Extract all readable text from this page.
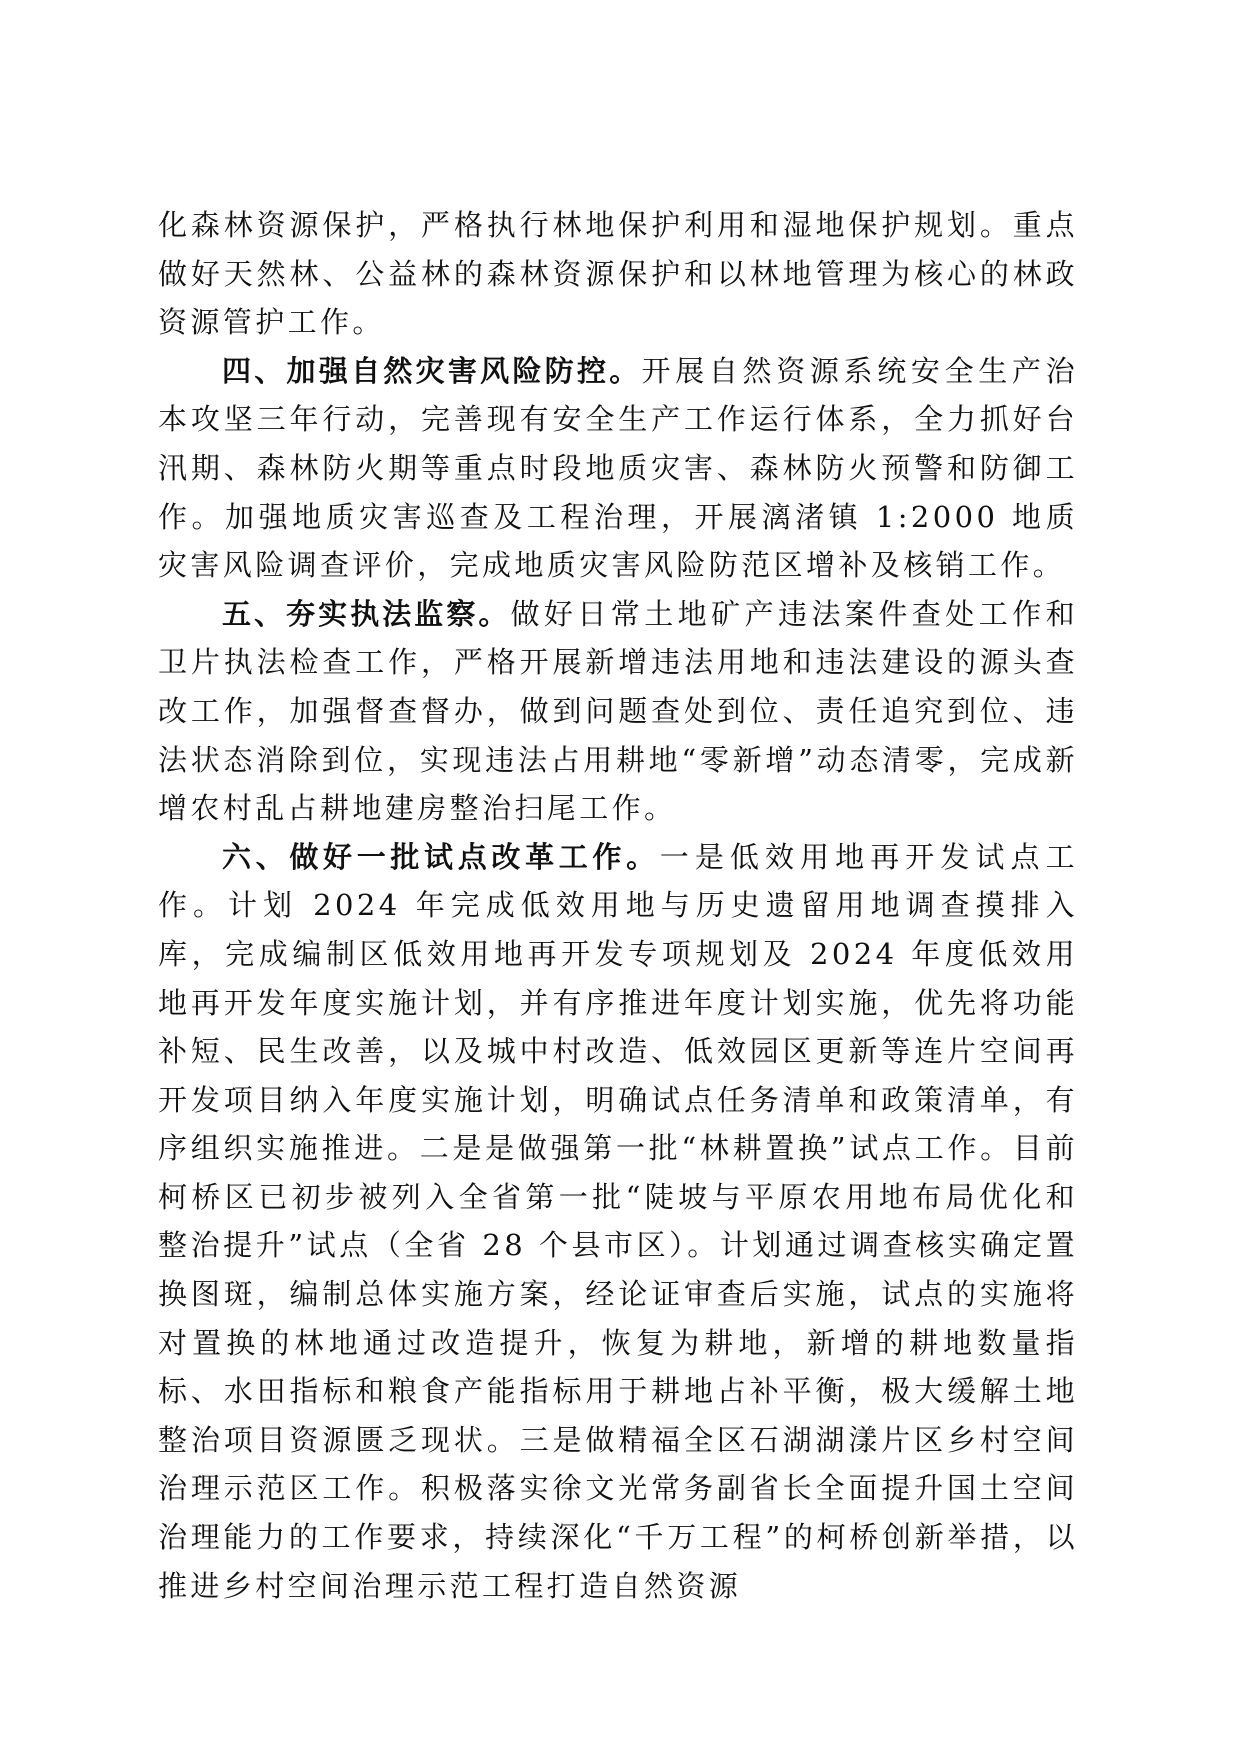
化森林资源保护，严格执行林地保护利用和湿地保护规划。重点做好天然林、公益林的森林资源保护和以林地管理为核心的林政资源管护工作。

四、加强自然灾害风险防控。开展自然资源系统安全生产治本攻坚三年行动，完善现有安全生产工作运行体系，全力抓好台汛期、森林防火期等重点时段地质灾害、森林防火预警和防御工作。加强地质灾害巡查及工程治理，开展漓渚镇 1:2000 地质灾害风险调查评价，完成地质灾害风险防范区增补及核销工作。

五、夯实执法监察。做好日常土地矿产违法案件查处工作和卫片执法检查工作，严格开展新增违法用地和违法建设的源头查改工作，加强督查督办，做到问题查处到位、责任追究到位、违法状态消除到位，实现违法占用耕地“零新增”动态清零，完成新增农村乱占耕地建房整治扫尾工作。

六、做好一批试点改革工作。一是低效用地再开发试点工作。计划 2024 年完成低效用地与历史遗留用地调查摸排入库，完成编制区低效用地再开发专项规划及 2024 年度低效用地再开发年度实施计划，并有序推进年度计划实施，优先将功能补短、民生改善，以及城中村改造、低效园区更新等连片空间再开发项目纳入年度实施计划，明确试点任务清单和政策清单，有序组织实施推进。二是是做强第一批“林耕置换”试点工作。目前柯桥区已初步被列入全省第一批“陡坡与平原农用地布局优化和整治提升”试点（全省 28 个县市区）。计划通过调查核实确定置换图斑，编制总体实施方案，经论证审查后实施，试点的实施将对置换的林地通过改造提升，恢复为耕地，新增的耕地数量指标、水田指标和粮食产能指标用于耕地占补平衡，极大缓解土地整治项目资源匮乏现状。三是做精福全区石湖湖漾片区乡村空间治理示范区工作。积极落实徐文光常务副省长全面提升国土空间治理能力的工作要求，持续深化“千万工程”的柯桥创新举措，以推进乡村空间治理示范工程打造自然资源
